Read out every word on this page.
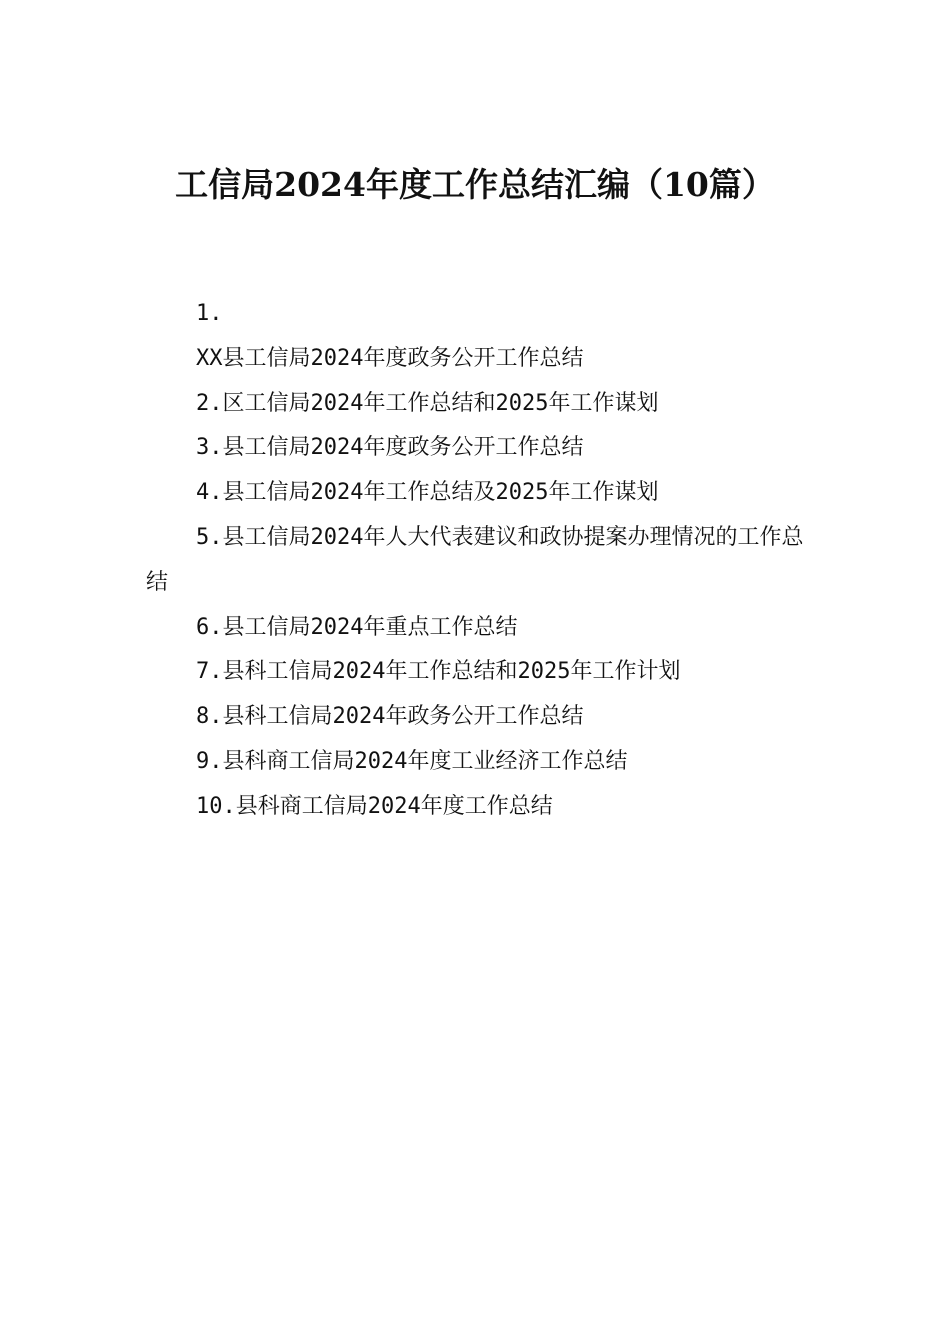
工信局2024年度工作总结汇编（10篇）

1.

XX县工信局2024年度政务公开工作总结

2.区工信局2024年工作总结和2025年工作谋划

3.县工信局2024年度政务公开工作总结

4.县工信局2024年工作总结及2025年工作谋划

5.县工信局2024年人大代表建议和政协提案办理情况的工作总结

6.县工信局2024年重点工作总结

7.县科工信局2024年工作总结和2025年工作计划

8.县科工信局2024年政务公开工作总结

9.县科商工信局2024年度工业经济工作总结

10.县科商工信局2024年度工作总结
